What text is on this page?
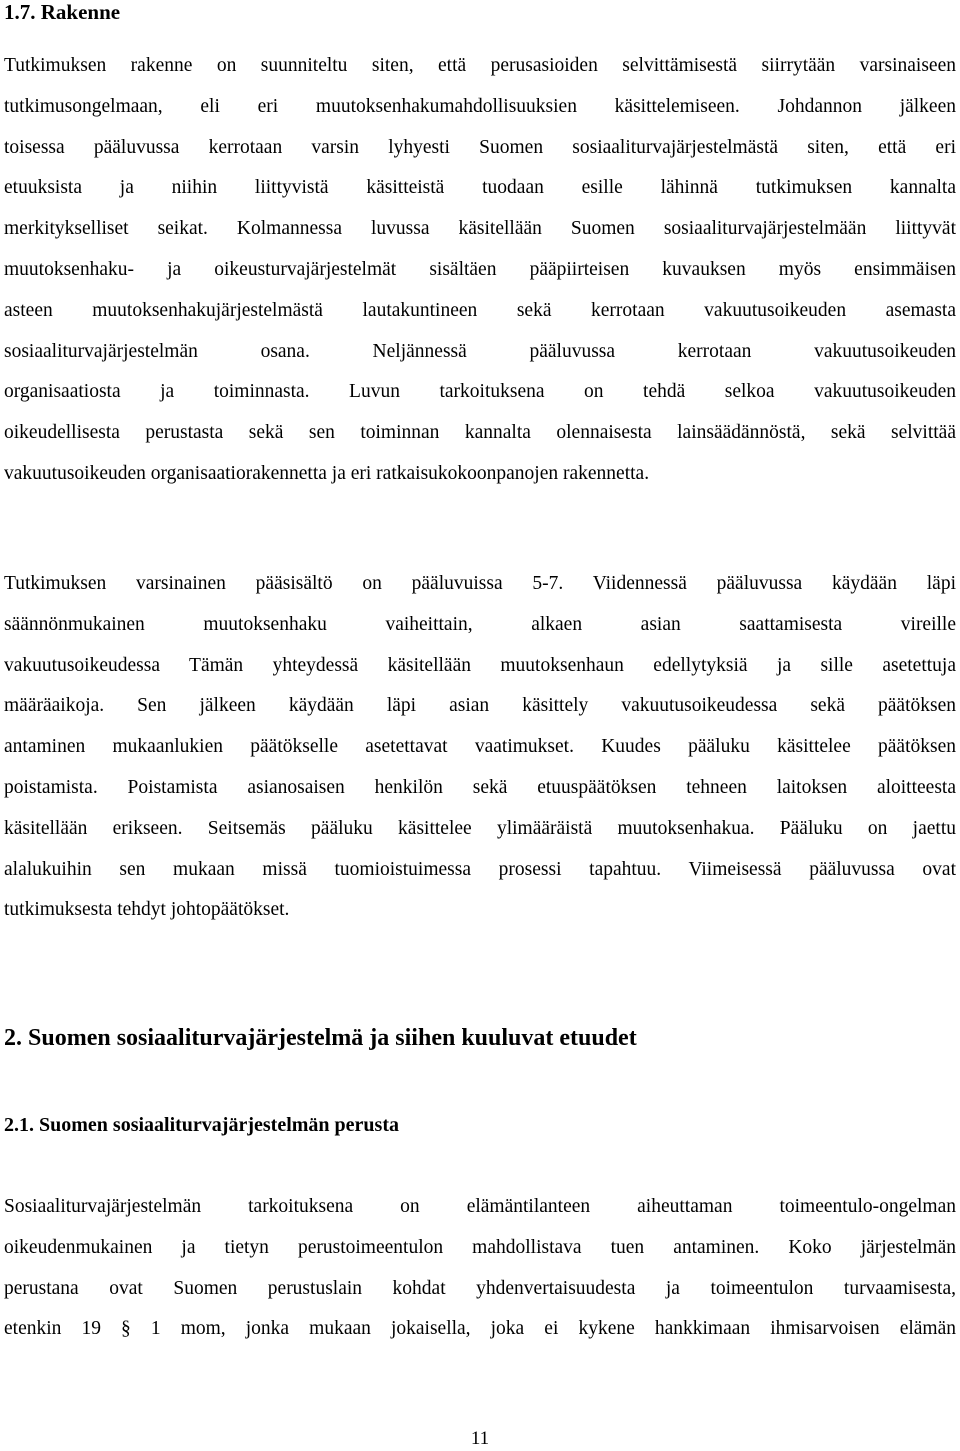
1.7. Rakenne

Tutkimuksen rakenne on suunniteltu siten, että perusasioiden selvittämisestä siirrytään varsinaiseen
tutkimusongelmaan, eli eri muutoksenhakumahdollisuuksien käsittelemiseen. Johdannon jälkeen
toisessa pääluvussa kerrotaan varsin lyhyesti Suomen sosiaaliturvajärjestelmästä siten, että eri
etuuksista ja niihin liittyvistä käsitteistä tuodaan esille lähinnä tutkimuksen kannalta
merkitykselliset seikat. Kolmannessa luvussa käsitellään Suomen sosiaaliturvajärjestelmään liittyvät
muutoksenhaku- ja oikeusturvajärjestelmät sisältäen pääpiirteisen kuvauksen myös ensimmäisen
asteen muutoksenhakujärjestelmästä lautakuntineen sekä kerrotaan vakuutusoikeuden asemasta
sosiaaliturvajärjestelmän osana. Neljännessä pääluvussa kerrotaan vakuutusoikeuden
organisaatiosta ja toiminnasta. Luvun tarkoituksena on tehdä selkoa vakuutusoikeuden
oikeudellisesta perustasta sekä sen toiminnan kannalta olennaisesta lainsäädännöstä, sekä selvittää
vakuutusoikeuden organisaatiorakennetta ja eri ratkaisukokoonpanojen rakennetta.

Tutkimuksen varsinainen pääsisältö on pääluvuissa 5-7. Viidennessä pääluvussa käydään läpi
säännönmukainen muutoksenhaku vaiheittain, alkaen asian saattamisesta vireille
vakuutusoikeudessa Tämän yhteydessä käsitellään muutoksenhaun edellytyksiä ja sille asetettuja
määräaikoja. Sen jälkeen käydään läpi asian käsittely vakuutusoikeudessa sekä päätöksen
antaminen mukaanlukien päätökselle asetettavat vaatimukset. Kuudes pääluku käsittelee päätöksen
poistamista. Poistamista asianosaisen henkilön sekä etuuspäätöksen tehneen laitoksen aloitteesta
käsitellään erikseen. Seitsemäs pääluku käsittelee ylimääräistä muutoksenhakua. Pääluku on jaettu
alalukuihin sen mukaan missä tuomioistuimessa prosessi tapahtuu. Viimeisessä pääluvussa ovat
tutkimuksesta tehdyt johtopäätökset.

2. Suomen sosiaaliturvajärjestelmä ja siihen kuuluvat etuudet
2.1. Suomen sosiaaliturvajärjestelmän perusta

Sosiaaliturvajärjestelmän tarkoituksena on elämäntilanteen aiheuttaman toimeentulo-ongelman
oikeudenmukainen ja tietyn perustoimeentulon mahdollistava tuen antaminen. Koko järjestelmän
perustana ovat Suomen perustuslain kohdat yhdenvertaisuudesta ja toimeentulon turvaamisesta,
etenkin 19 § 1 mom, jonka mukaan jokaisella, joka ei kykene hankkimaan ihmisarvoisen elämän

11
